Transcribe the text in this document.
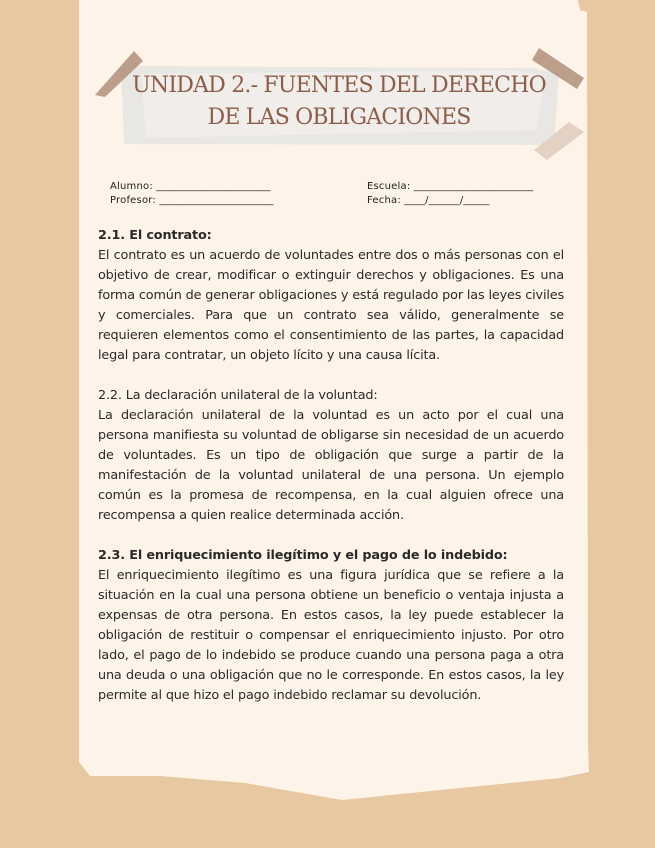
UNIDAD 2.- FUENTES DEL DERECHO
DE LAS OBLIGACIONES
Alumno: ______________________
Profesor: ______________________
Escuela: _______________________
Fecha: ____/______/_____

2.1. El contrato:

El contrato es un acuerdo de voluntades entre dos o más personas con el objetivo de crear, modificar o extinguir derechos y obligaciones. Es una forma común de generar obligaciones y está regulado por las leyes civiles y comerciales. Para que un contrato sea válido, generalmente se requieren elementos como el consentimiento de las partes, la capacidad legal para contratar, un objeto lícito y una causa lícita.

2.2. La declaración unilateral de la voluntad:

La declaración unilateral de la voluntad es un acto por el cual una persona manifiesta su voluntad de obligarse sin necesidad de un acuerdo de voluntades. Es un tipo de obligación que surge a partir de la manifestación de la voluntad unilateral de una persona. Un ejemplo común es la promesa de recompensa, en la cual alguien ofrece una recompensa a quien realice determinada acción.

2.3. El enriquecimiento ilegítimo y el pago de lo indebido:

El enriquecimiento ilegítimo es una figura jurídica que se refiere a la situación en la cual una persona obtiene un beneficio o ventaja injusta a expensas de otra persona. En estos casos, la ley puede establecer la obligación de restituir o compensar el enriquecimiento injusto. Por otro lado, el pago de lo indebido se produce cuando una persona paga a otra una deuda o una obligación que no le corresponde. En estos casos, la ley permite al que hizo el pago indebido reclamar su devolución.
